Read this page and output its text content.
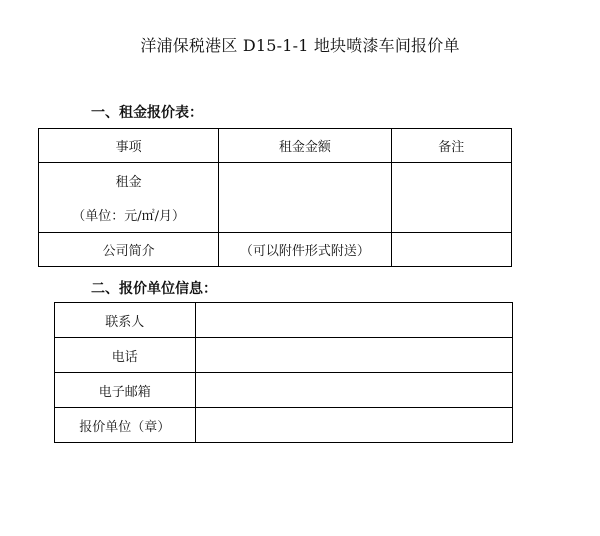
洋浦保税港区 D15-1-1 地块喷漆车间报价单
一、租金报价表：
事项	租金金额	备注

租金
（单位：元/㎡/月）		

公司简介	（可以附件形式附送）	
二、报价单位信息：
联系人	
电话	
电子邮箱	
报价单位（章）	
